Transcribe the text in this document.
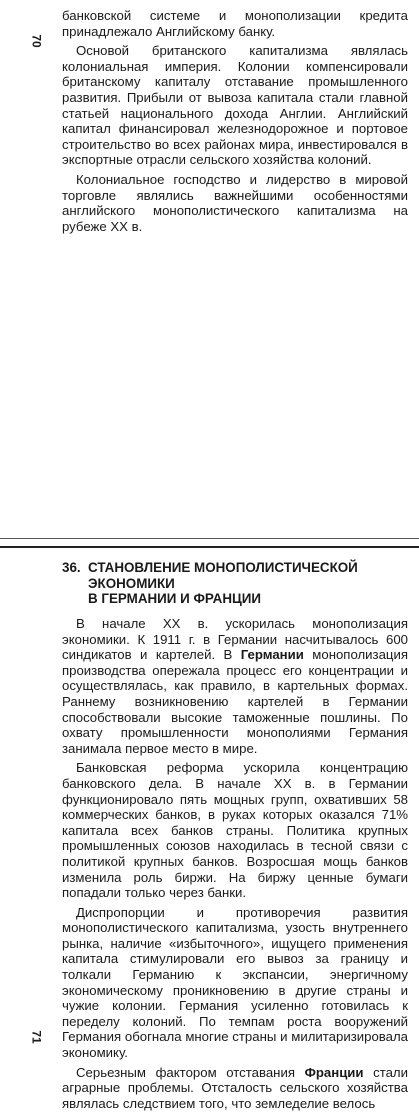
70

банковской системе и монополизации кредита принадлежало Английскому банку.

Основой британского капитализма являлась колониальная империя. Колонии компенсировали британскому капиталу отставание промышленного развития. Прибыли от вывоза капитала стали главной статьей национального дохода Англии. Английский капитал финансировал железнодорожное и портовое строительство во всех районах мира, инвестировался в экспортные отрасли сельского хозяйства колоний.

Колониальное господство и лидерство в мировой торговле являлись важнейшими особенностями английского монополистического капитализма на рубеже XX в.

36. СТАНОВЛЕНИЕ МОНОПОЛИСТИЧЕСКОЙ
ЭКОНОМИКИ
В ГЕРМАНИИ И ФРАНЦИИ

В начале XX в. ускорилась монополизация экономики. К 1911 г. в Германии насчитывалось 600 синдикатов и картелей. В Германии монополизация производства опережала процесс его концентрации и осуществлялась, как правило, в картельных формах. Раннему возникновению картелей в Германии способствовали высокие таможенные пошлины. По охвату промышленности монополиями Германия занимала первое место в мире.

Банковская реформа ускорила концентрацию банковского дела. В начале XX в. в Германии функционировало пять мощных групп, охвативших 58 коммерческих банков, в руках которых оказался 71% капитала всех банков страны. Политика крупных промышленных союзов находилась в тесной связи с политикой крупных банков. Возросшая мощь банков изменила роль биржи. На биржу ценные бумаги попадали только через банки.

Диспропорции и противоречия развития монополистического капитализма, узость внутреннего рынка, наличие «избыточного», ищущего применения капитала стимулировали его вывоз за границу и толкали Германию к экспансии, энергичному экономическому проникновению в другие страны и чужие колонии. Германия усиленно готовилась к переделу колоний. По темпам роста вооружений Германия обогнала многие страны и милитаризировала экономику.

Серьезным фактором отставания Франции стали аграрные проблемы. Отсталость сельского хозяйства являлась следствием того, что земледелие велось

71
